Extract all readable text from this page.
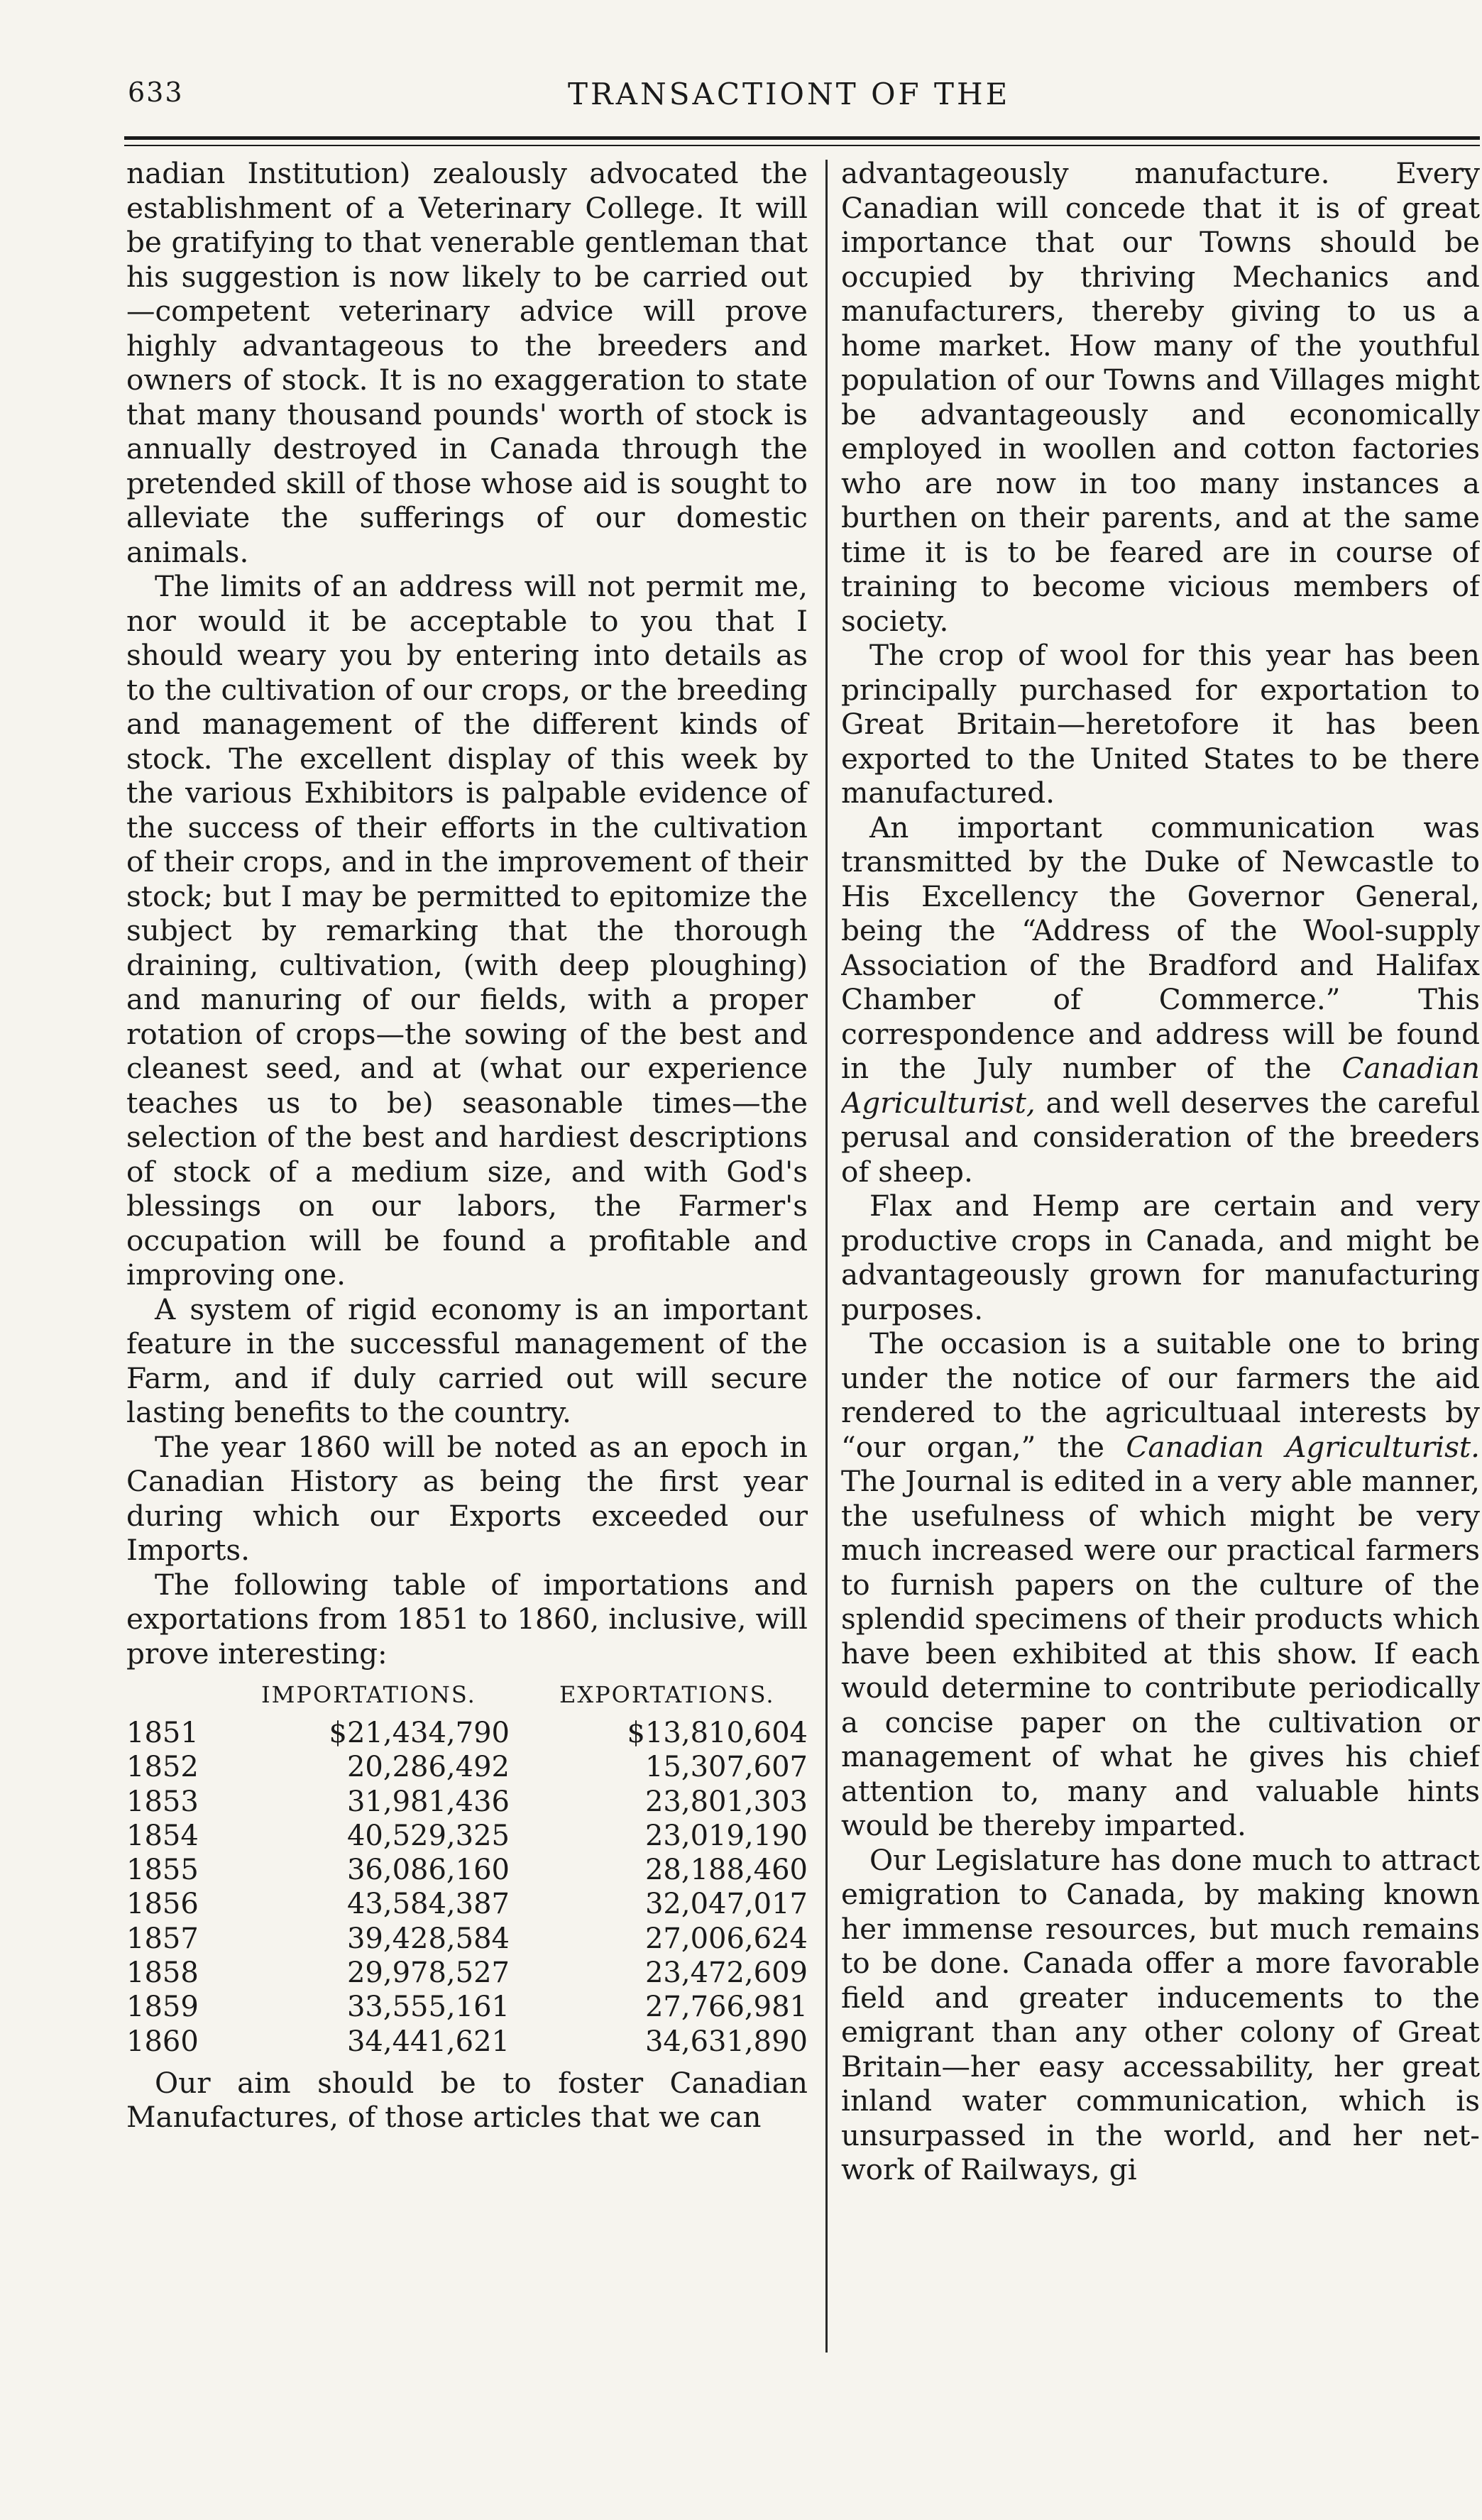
633	TRANSACTIONT OF THE

nadian Institution) zealously advocated the establishment of a Veterinary College. It will be gratifying to that venerable gentleman that his suggestion is now likely to be carried out—competent veterinary advice will prove highly advantageous to the breeders and owners of stock. It is no exaggeration to state that many thousand pounds' worth of stock is annually destroyed in Canada through the pretended skill of those whose aid is sought to alleviate the sufferings of our domestic animals.

The limits of an address will not permit me, nor would it be acceptable to you that I should weary you by entering into details as to the cultivation of our crops, or the breeding and management of the different kinds of stock. The excellent display of this week by the various Exhibitors is palpable evidence of the success of their efforts in the cultivation of their crops, and in the improvement of their stock; but I may be permitted to epitomize the subject by remarking that the thorough draining, cultivation, (with deep ploughing) and manuring of our fields, with a proper rotation of crops—the sowing of the best and cleanest seed, and at (what our experience teaches us to be) seasonable times—the selection of the best and hardiest descriptions of stock of a medium size, and with God's blessings on our labors, the Farmer's occupation will be found a profitable and improving one.

A system of rigid economy is an important feature in the successful management of the Farm, and if duly carried out will secure lasting benefits to the country.

The year 1860 will be noted as an epoch in Canadian History as being the first year during which our Exports exceeded our Imports.

The following table of importations and exportations from 1851 to 1860, inclusive, will prove interesting:

IMPORTATIONS.	EXPORTATIONS.
1851	$21,434,790	$13,810,604
1852	20,286,492	15,307,607
1853	31,981,436	23,801,303
1854	40,529,325	23,019,190
1855	36,086,160	28,188,460
1856	43,584,387	32,047,017
1857	39,428,584	27,006,624
1858	29,978,527	23,472,609
1859	33,555,161	27,766,981
1860	34,441,621	34,631,890

Our aim should be to foster Canadian Manufactures, of those articles that we can

advantageously manufacture. Every Canadian will concede that it is of great importance that our Towns should be occupied by thriving Mechanics and manufacturers, thereby giving to us a home market. How many of the youthful population of our Towns and Villages might be advantageously and economically employed in woollen and cotton factories who are now in too many instances a burthen on their parents, and at the same time it is to be feared are in course of training to become vicious members of society.

The crop of wool for this year has been principally purchased for exportation to Great Britain—heretofore it has been exported to the United States to be there manufactured.

An important communication was transmitted by the Duke of Newcastle to His Excellency the Governor General, being the “Address of the Wool-supply Association of the Bradford and Halifax Chamber of Commerce.” This correspondence and address will be found in the July number of the Canadian Agriculturist, and well deserves the careful perusal and consideration of the breeders of sheep.

Flax and Hemp are certain and very productive crops in Canada, and might be advantageously grown for manufacturing purposes.

The occasion is a suitable one to bring under the notice of our farmers the aid rendered to the agricultuaal interests by “our organ,” the Canadian Agriculturist. The Journal is edited in a very able manner, the usefulness of which might be very much increased were our practical farmers to furnish papers on the culture of the splendid specimens of their products which have been exhibited at this show. If each would determine to contribute periodically a concise paper on the cultivation or management of what he gives his chief attention to, many and valuable hints would be thereby imparted.

Our Legislature has done much to attract emigration to Canada, by making known her immense resources, but much remains to be done. Canada offer a more favorable field and greater inducements to the emigrant than any other colony of Great Britain—her easy accessability, her great inland water communication, which is unsurpassed in the world, and her net-work of Railways, gi
